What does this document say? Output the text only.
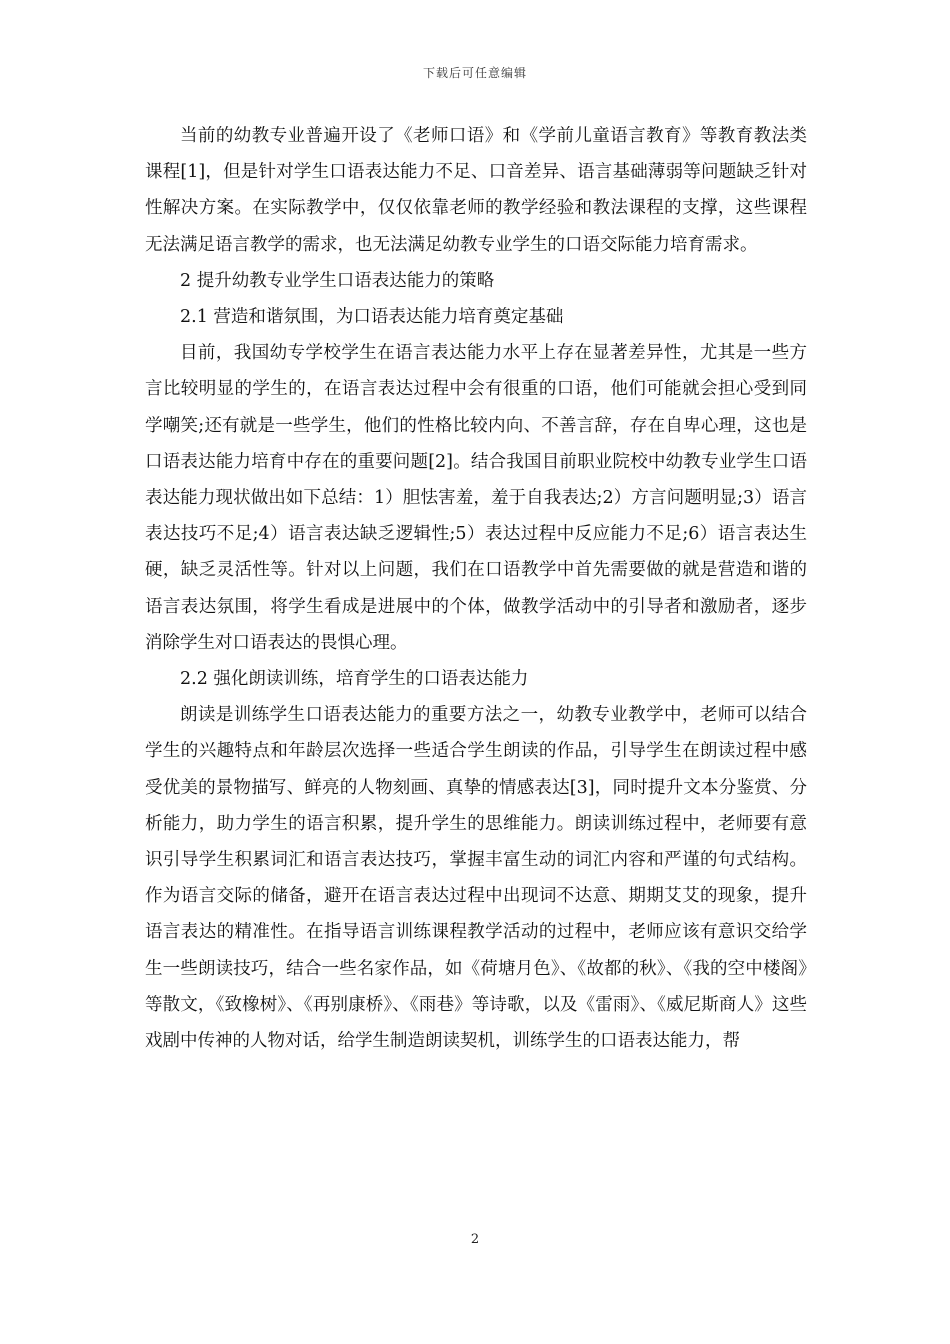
下载后可任意编辑

当前的幼教专业普遍开设了《老师口语》和《学前儿童语言教育》等教育教法类课程[1]，但是针对学生口语表达能力不足、口音差异、语言基础薄弱等问题缺乏针对性解决方案。在实际教学中，仅仅依靠老师的教学经验和教法课程的支撑，这些课程无法满足语言教学的需求，也无法满足幼教专业学生的口语交际能力培育需求。

2 提升幼教专业学生口语表达能力的策略

2.1 营造和谐氛围，为口语表达能力培育奠定基础

目前，我国幼专学校学生在语言表达能力水平上存在显著差异性，尤其是一些方言比较明显的学生的，在语言表达过程中会有很重的口语，他们可能就会担心受到同学嘲笑;还有就是一些学生，他们的性格比较内向、不善言辞，存在自卑心理，这也是口语表达能力培育中存在的重要问题[2]。结合我国目前职业院校中幼教专业学生口语表达能力现状做出如下总结：1）胆怯害羞，羞于自我表达;2）方言问题明显;3）语言表达技巧不足;4）语言表达缺乏逻辑性;5）表达过程中反应能力不足;6）语言表达生硬，缺乏灵活性等。针对以上问题，我们在口语教学中首先需要做的就是营造和谐的语言表达氛围，将学生看成是进展中的个体，做教学活动中的引导者和激励者，逐步消除学生对口语表达的畏惧心理。

2.2 强化朗读训练，培育学生的口语表达能力

朗读是训练学生口语表达能力的重要方法之一，幼教专业教学中，老师可以结合学生的兴趣特点和年龄层次选择一些适合学生朗读的作品，引导学生在朗读过程中感受优美的景物描写、鲜亮的人物刻画、真挚的情感表达[3]，同时提升文本分鉴赏、分析能力，助力学生的语言积累，提升学生的思维能力。朗读训练过程中，老师要有意识引导学生积累词汇和语言表达技巧，掌握丰富生动的词汇内容和严谨的句式结构。作为语言交际的储备，避开在语言表达过程中出现词不达意、期期艾艾的现象，提升语言表达的精准性。在指导语言训练课程教学活动的过程中，老师应该有意识交给学生一些朗读技巧，结合一些名家作品，如《荷塘月色》、《故都的秋》、《我的空中楼阁》等散文，《致橡树》、《再别康桥》、《雨巷》等诗歌，以及《雷雨》、《威尼斯商人》这些戏剧中传神的人物对话，给学生制造朗读契机，训练学生的口语表达能力，帮

2
